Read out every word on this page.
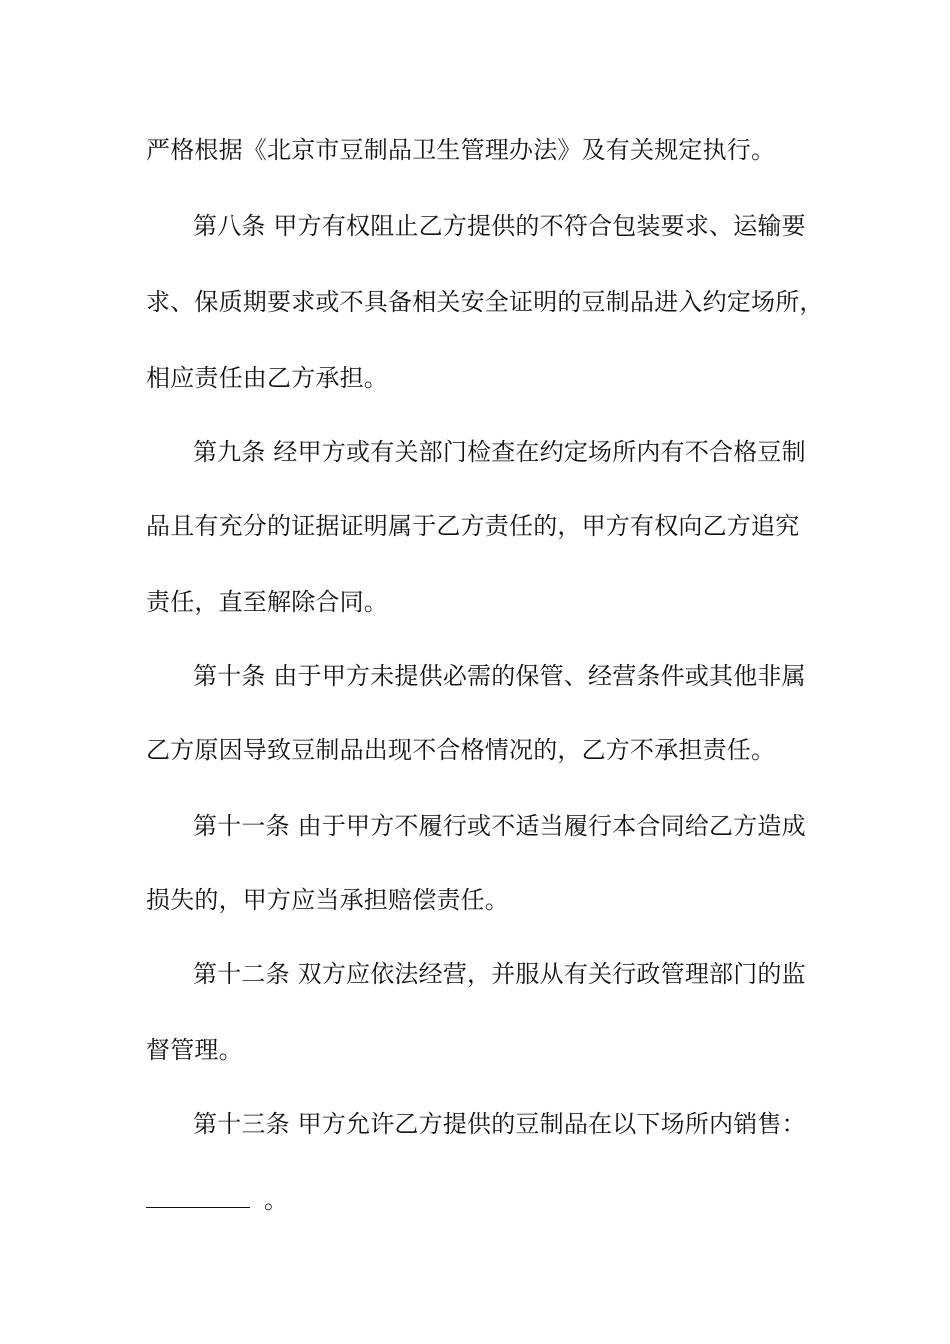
严格根据《北京市豆制品卫生管理办法》及有关规定执行。
第八条 甲方有权阻止乙方提供的不符合包装要求、运输要
求、保质期要求或不具备相关安全证明的豆制品进入约定场所，
相应责任由乙方承担。
第九条 经甲方或有关部门检查在约定场所内有不合格豆制
品且有充分的证据证明属于乙方责任的，甲方有权向乙方追究
责任，直至解除合同。
第十条 由于甲方未提供必需的保管、经营条件或其他非属
乙方原因导致豆制品出现不合格情况的，乙方不承担责任。
第十一条 由于甲方不履行或不适当履行本合同给乙方造成
损失的，甲方应当承担赔偿责任。
第十二条 双方应依法经营，并服从有关行政管理部门的监
督管理。
第十三条 甲方允许乙方提供的豆制品在以下场所内销售：
。
